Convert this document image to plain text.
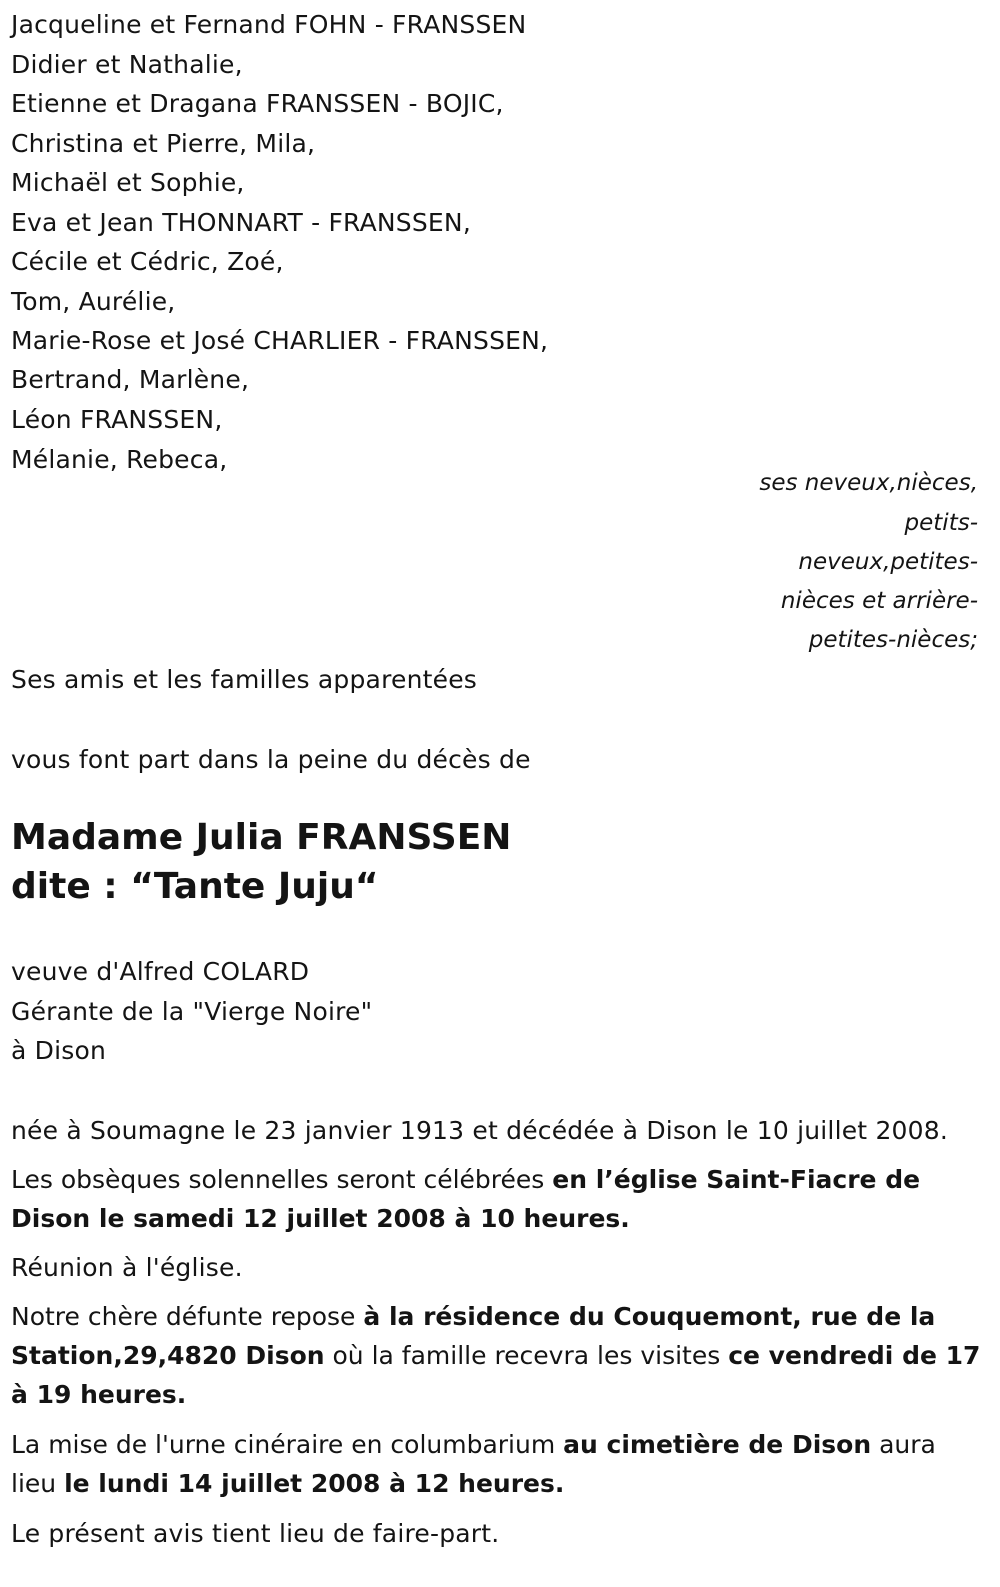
Jacqueline et Fernand FOHN - FRANSSEN
Didier et Nathalie,
Etienne et Dragana FRANSSEN - BOJIC,
Christina et Pierre, Mila,
Michaël et Sophie,
Eva et Jean THONNART - FRANSSEN,
Cécile et Cédric, Zoé,
Tom, Aurélie,
Marie-Rose et José CHARLIER - FRANSSEN,
Bertrand, Marlène,
Léon FRANSSEN,
Mélanie, Rebeca,
ses neveux,nièces,
petits-
neveux,petites-
nièces et arrière-
petites-nièces;
Ses amis et les familles apparentées
vous font part dans la peine du décès de
Madame Julia FRANSSEN
dite : “Tante Juju“
veuve d'Alfred COLARD
Gérante de la "Vierge Noire"
à Dison
née à Soumagne le 23 janvier 1913 et décédée à Dison le 10 juillet 2008.
Les obsèques solennelles seront célébrées en l’église Saint-Fiacre de Dison le samedi 12 juillet 2008 à 10 heures.
Réunion à l'église.
Notre chère défunte repose à la résidence du Couquemont, rue de la Station,29,4820 Dison où la famille recevra les visites ce vendredi de 17 à 19 heures.
La mise de l'urne cinéraire en columbarium au cimetière de Dison aura lieu le lundi 14 juillet 2008 à 12 heures.
Le présent avis tient lieu de faire-part.
